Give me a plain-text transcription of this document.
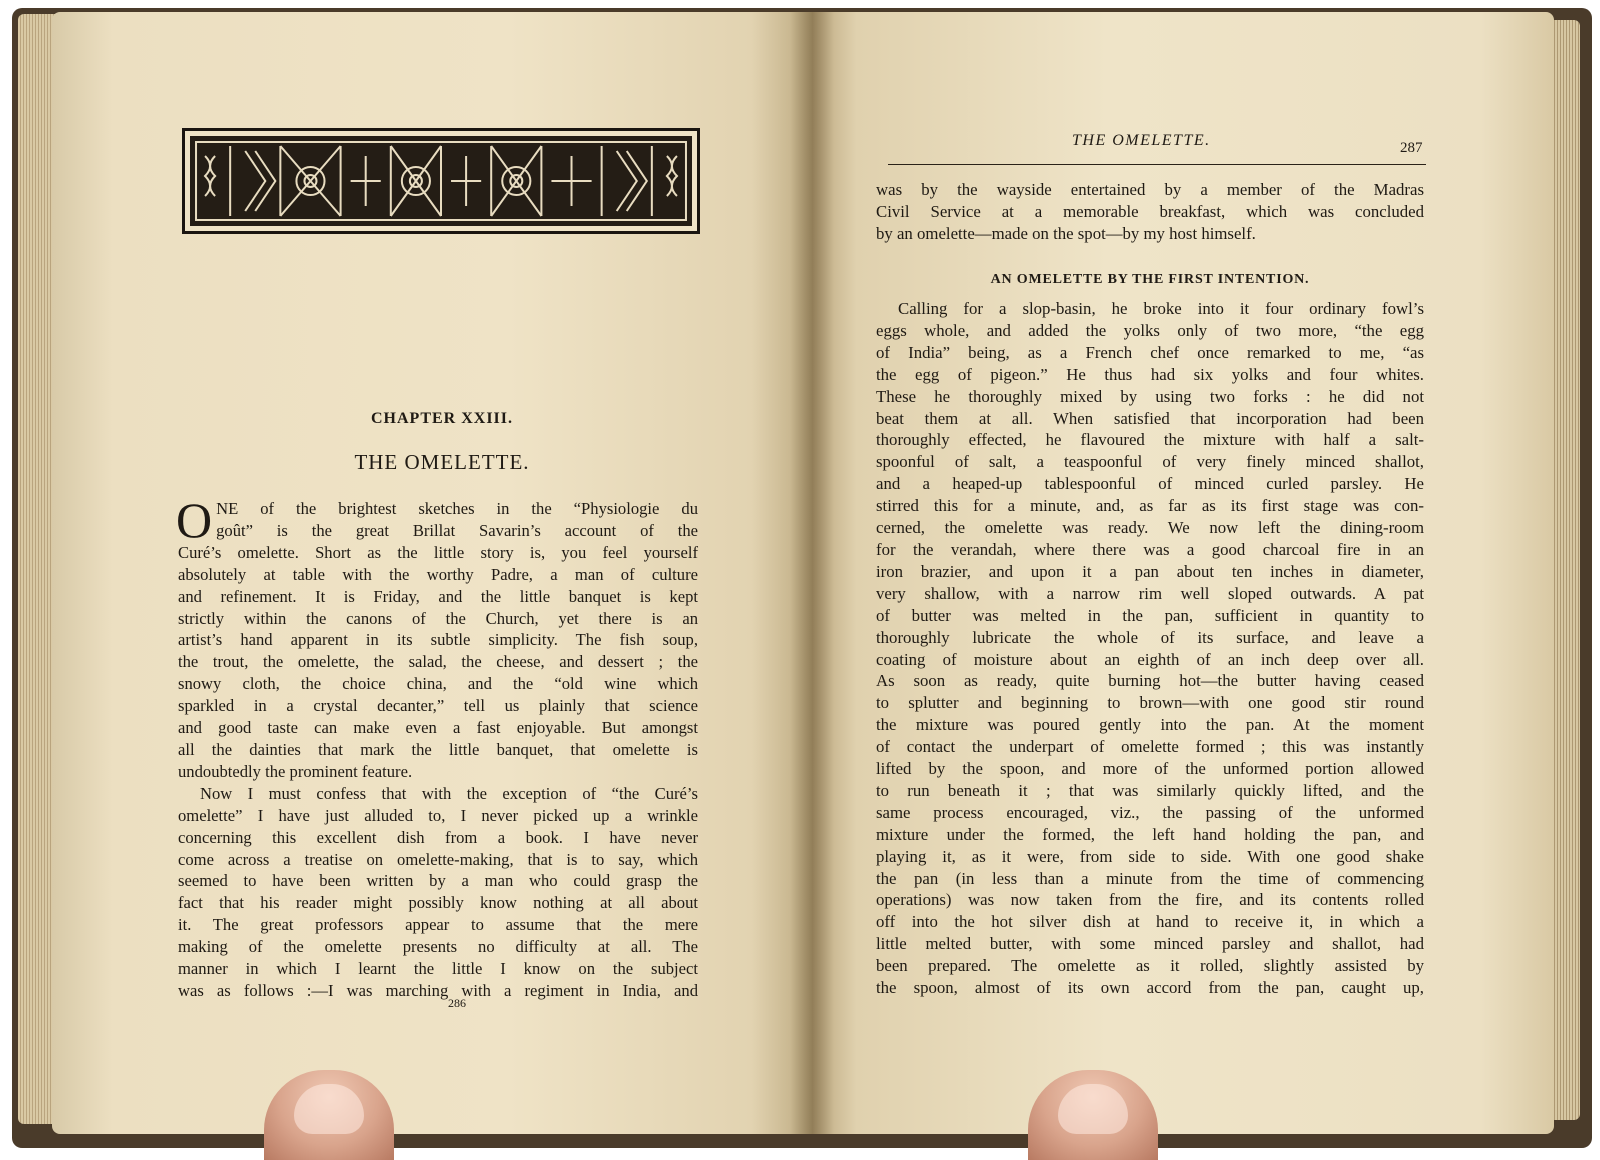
CHAPTER XXIII.
THE OMELETTE.
O NE of the brightest sketches in the “Physiologie du
goût” is the great Brillat Savarin’s account of the
Curé’s omelette. Short as the little story is, you feel yourself
absolutely at table with the worthy Padre, a man of culture
and refinement. It is Friday, and the little banquet is kept
strictly within the canons of the Church, yet there is an
artist’s hand apparent in its subtle simplicity. The fish soup,
the trout, the omelette, the salad, the cheese, and dessert ; the
snowy cloth, the choice china, and the “old wine which
sparkled in a crystal decanter,” tell us plainly that science
and good taste can make even a fast enjoyable. But amongst
all the dainties that mark the little banquet, that omelette is
undoubtedly the prominent feature.
Now I must confess that with the exception of “the Curé’s
omelette” I have just alluded to, I never picked up a wrinkle
concerning this excellent dish from a book. I have never
come across a treatise on omelette-making, that is to say, which
seemed to have been written by a man who could grasp the
fact that his reader might possibly know nothing at all about
it. The great professors appear to assume that the mere
making of the omelette presents no difficulty at all. The
manner in which I learnt the little I know on the subject
was as follows :—I was marching with a regiment in India, and
286
THE OMELETTE.	287
was by the wayside entertained by a member of the Madras
Civil Service at a memorable breakfast, which was concluded
by an omelette—made on the spot—by my host himself.
AN OMELETTE BY THE FIRST INTENTION.
Calling for a slop-basin, he broke into it four ordinary fowl’s
eggs whole, and added the yolks only of two more, “the egg
of India” being, as a French chef once remarked to me, “as
the egg of pigeon.” He thus had six yolks and four whites.
These he thoroughly mixed by using two forks : he did not
beat them at all. When satisfied that incorporation had been
thoroughly effected, he flavoured the mixture with half a salt-
spoonful of salt, a teaspoonful of very finely minced shallot,
and a heaped-up tablespoonful of minced curled parsley. He
stirred this for a minute, and, as far as its first stage was con-
cerned, the omelette was ready. We now left the dining-room
for the verandah, where there was a good charcoal fire in an
iron brazier, and upon it a pan about ten inches in diameter,
very shallow, with a narrow rim well sloped outwards. A pat
of butter was melted in the pan, sufficient in quantity to
thoroughly lubricate the whole of its surface, and leave a
coating of moisture about an eighth of an inch deep over all.
As soon as ready, quite burning hot—the butter having ceased
to splutter and beginning to brown—with one good stir round
the mixture was poured gently into the pan. At the moment
of contact the underpart of omelette formed ; this was instantly
lifted by the spoon, and more of the unformed portion allowed
to run beneath it ; that was similarly quickly lifted, and the
same process encouraged, viz., the passing of the unformed
mixture under the formed, the left hand holding the pan, and
playing it, as it were, from side to side. With one good shake
the pan (in less than a minute from the time of commencing
operations) was now taken from the fire, and its contents rolled
off into the hot silver dish at hand to receive it, in which a
little melted butter, with some minced parsley and shallot, had
been prepared. The omelette as it rolled, slightly assisted by
the spoon, almost of its own accord from the pan, caught up,
